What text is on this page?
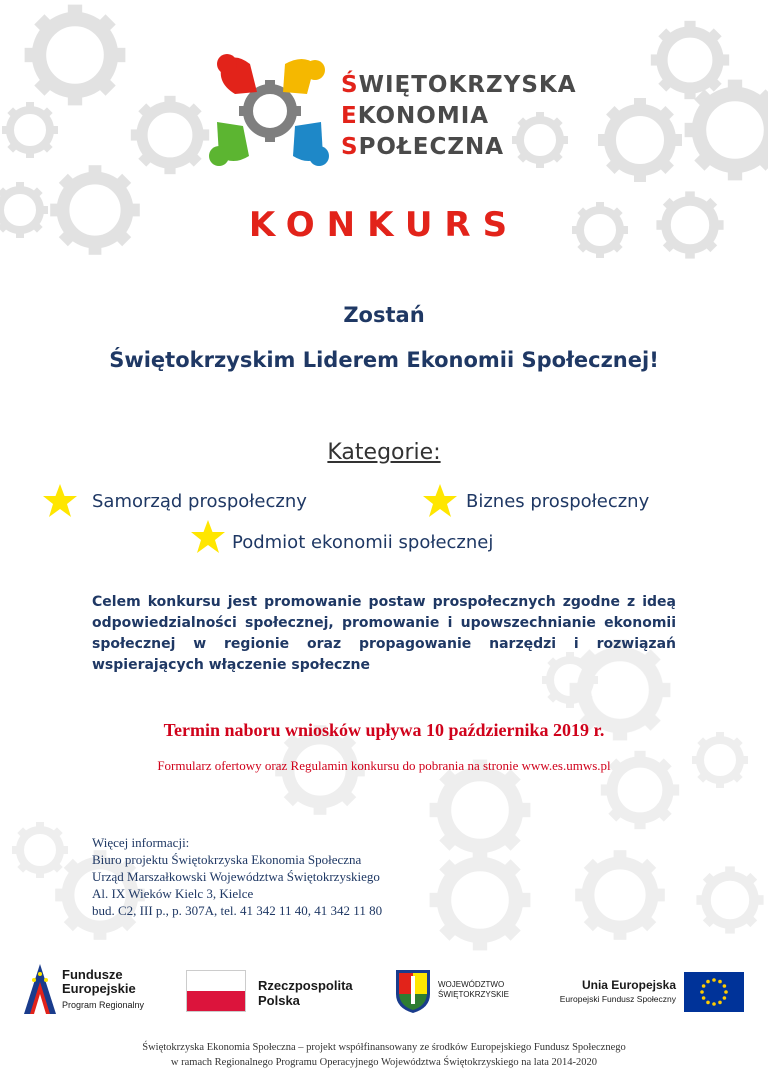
ŚWIĘTOKRZYSKA
EKONOMIA
SPOŁECZNA
KONKURS
Zostań
Świętokrzyskim Liderem Ekonomii Społecznej!
Kategorie:
Samorząd prospołeczny	Biznes prospołeczny
Podmiot ekonomii społecznej
Celem konkursu jest promowanie postaw prospołecznych zgodne z ideą odpowiedzialności społecznej, promowanie i upowszechnianie ekonomii społecznej w regionie oraz propagowanie narzędzi i rozwiązań wspierających włączenie społeczne
Termin naboru wniosków upływa 10 października 2019 r.
Formularz ofertowy oraz Regulamin konkursu do pobrania na stronie www.es.umws.pl
Więcej informacji:
Biuro projektu Świętokrzyska Ekonomia Społeczna
Urząd Marszałkowski Województwa Świętokrzyskiego
Al. IX Wieków Kielc 3, Kielce
bud. C2, III p., p. 307A, tel. 41 342 11 40, 41 342 11 80
Fundusze
Europejskie
Program Regionalny
Rzeczpospolita
Polska
WOJEWÓDZTWO
ŚWIĘTOKRZYSKIE
Unia Europejska
Europejski Fundusz Społeczny
Świętokrzyska Ekonomia Społeczna – projekt współfinansowany ze środków Europejskiego Fundusz Społecznego
w ramach Regionalnego Programu Operacyjnego Województwa Świętokrzyskiego na lata 2014-2020
